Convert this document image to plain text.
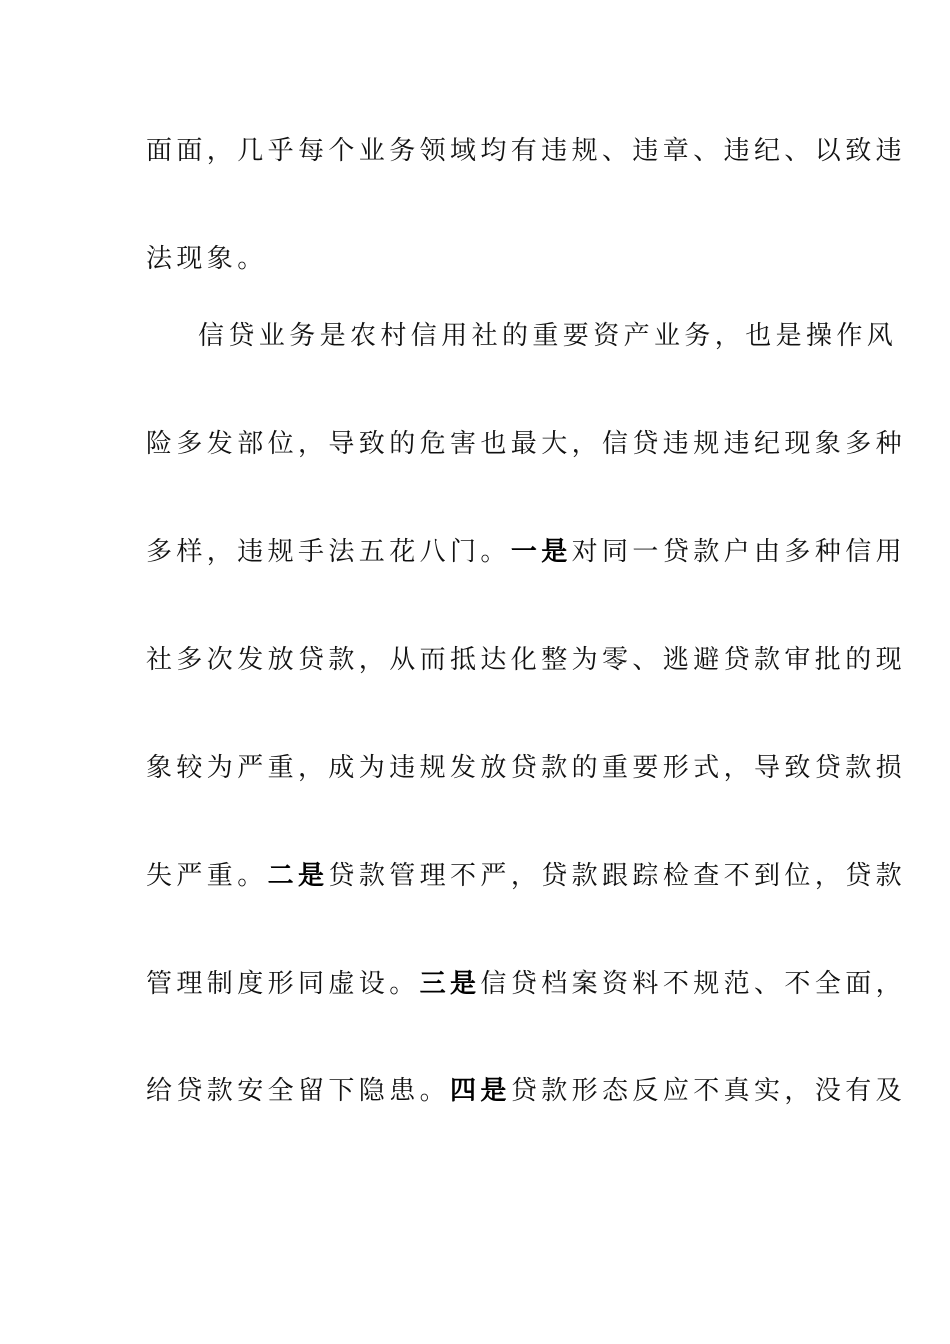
面面，几乎每个业务领域均有违规、违章、违纪、以致违
法现象。
信贷业务是农村信用社的重要资产业务，也是操作风
险多发部位，导致的危害也最大，信贷违规违纪现象多种
多样，违规手法五花八门。一是对同一贷款户由多种信用
社多次发放贷款，从而抵达化整为零、逃避贷款审批的现
象较为严重，成为违规发放贷款的重要形式，导致贷款损
失严重。二是贷款管理不严，贷款跟踪检查不到位，贷款
管理制度形同虚设。三是信贷档案资料不规范、不全面，
给贷款安全留下隐患。四是贷款形态反应不真实，没有及
